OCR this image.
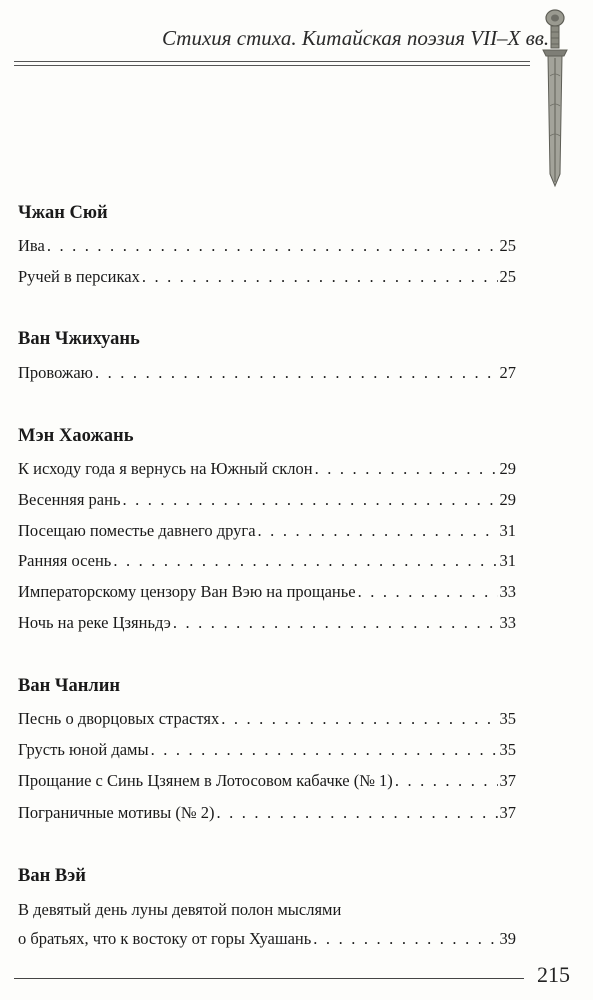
Стихия стиха. Китайская поэзия VII–X вв.
Чжан Сюй
Ива . . .	25
Ручей в персиках . . .	25
Ван Чжихуань
Провожаю . . .	27
Мэн Хаожань
К исходу года я вернусь на Южный склон . . .	29
Весенняя рань . . .	29
Посещаю поместье давнего друга . . .	31
Ранняя осень . . .	31
Императорскому цензору Ван Вэю на прощанье . . .	33
Ночь на реке Цзяньдэ . . .	33
Ван Чанлин
Песнь о дворцовых страстях . . .	35
Грусть юной дамы . . .	35
Прощание с Синь Цзянем в Лотосовом кабачке (№ 1) . . .	37
Пограничные мотивы (№ 2) . . .	37
Ван Вэй
В девятый день луны девятой полон мыслями
о братьях, что к востоку от горы Хуашань . . .	39
215
